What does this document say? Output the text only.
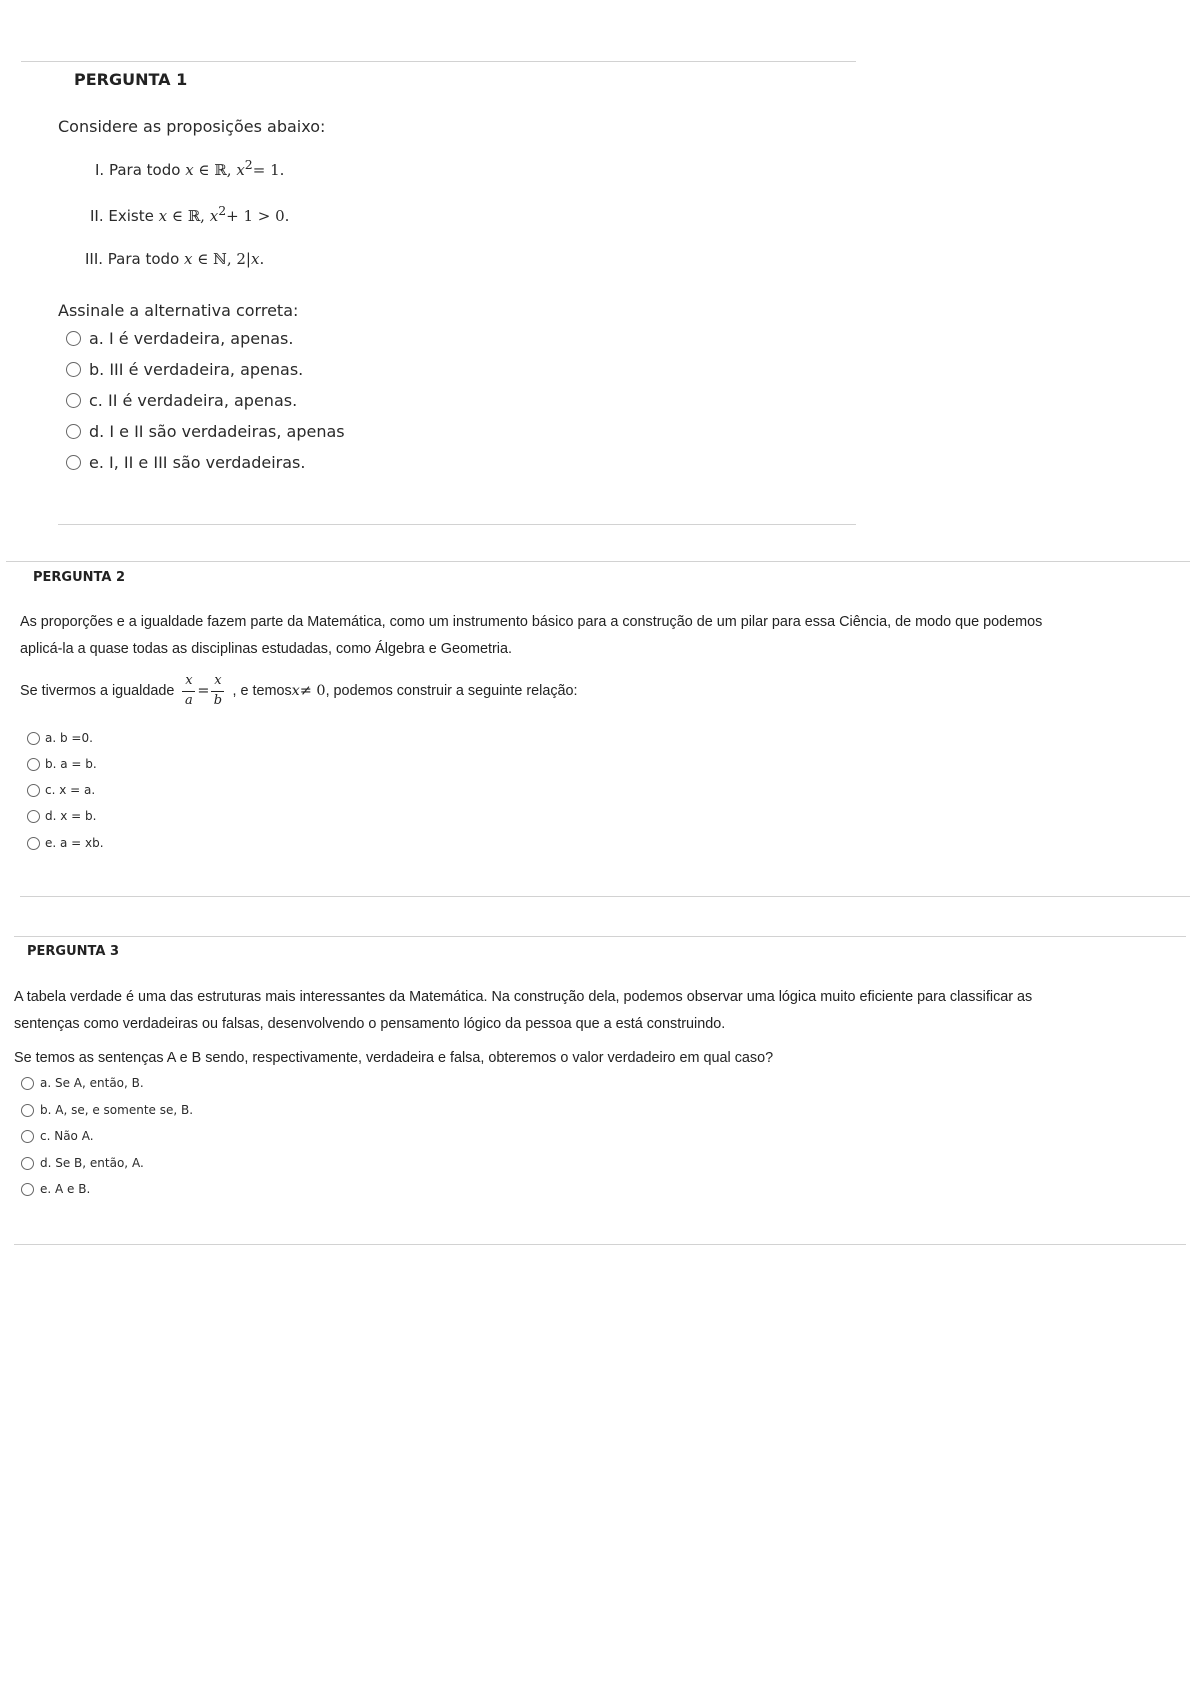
PERGUNTA 1
Considere as proposições abaixo:
I. Para todo x ∈ ℝ, $x^2= 1$.
II. Existe x ∈ ℝ, $x^2+ 1 > 0$.
III. Para todo x ∈ ℕ, 2|x.
Assinale a alternativa correta:
a. I é verdadeira, apenas.
b. III é verdadeira, apenas.
c. II é verdadeira, apenas.
d. I e II são verdadeiras, apenas
e. I, II e III são verdadeiras.
PERGUNTA 2
As proporções e a igualdade fazem parte da Matemática, como um instrumento básico para a construção de um pilar para essa Ciência, de modo que podemos
aplicá-la a quase todas as disciplinas estudadas, como Álgebra e Geometria.
Se tivermos a igualdade $\frac{x}{a} = \frac{x}{b}$ , e temos x ≠ 0 , podemos construir a seguinte relação:
a. b =0.
b. a = b.
c. x = a.
d. x = b.
e. a = xb.
PERGUNTA 3
A tabela verdade é uma das estruturas mais interessantes da Matemática. Na construção dela, podemos observar uma lógica muito eficiente para classificar as
sentenças como verdadeiras ou falsas, desenvolvendo o pensamento lógico da pessoa que a está construindo.
Se temos as sentenças A e B sendo, respectivamente, verdadeira e falsa, obteremos o valor verdadeiro em qual caso?
a. Se A, então, B.
b. A, se, e somente se, B.
c. Não A.
d. Se B, então, A.
e. A e B.
